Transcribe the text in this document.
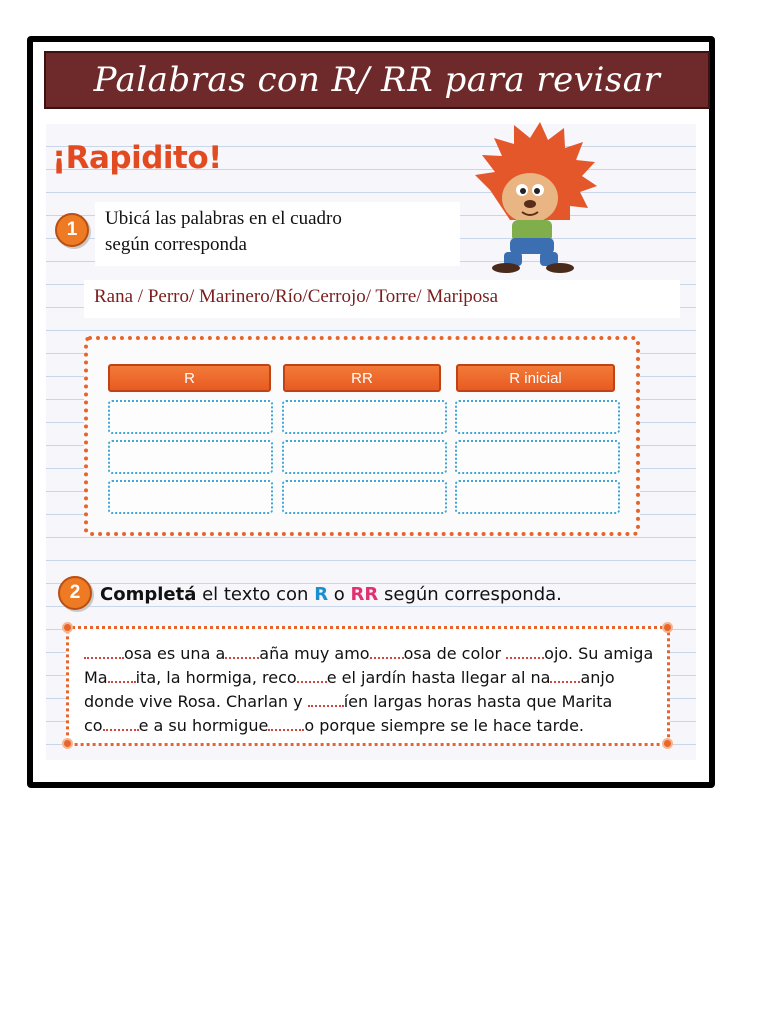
Palabras con R/ RR para revisar
¡Rapidito!
1
Ubicá las palabras en el cuadro
según corresponda
Rana / Perro/ Marinero/Río/Cerrojo/ Torre/ Mariposa
R	RR	R inicial
2	Completá el texto con R o RR según corresponda.
osa es una a aña muy amo osa de color ojo. Su amiga
Ma ita, la hormiga, reco e el jardín hasta llegar al na anjo
donde vive Rosa. Charlan y íen largas horas hasta que Marita
co e a su hormigue o porque siempre se le hace tarde.
